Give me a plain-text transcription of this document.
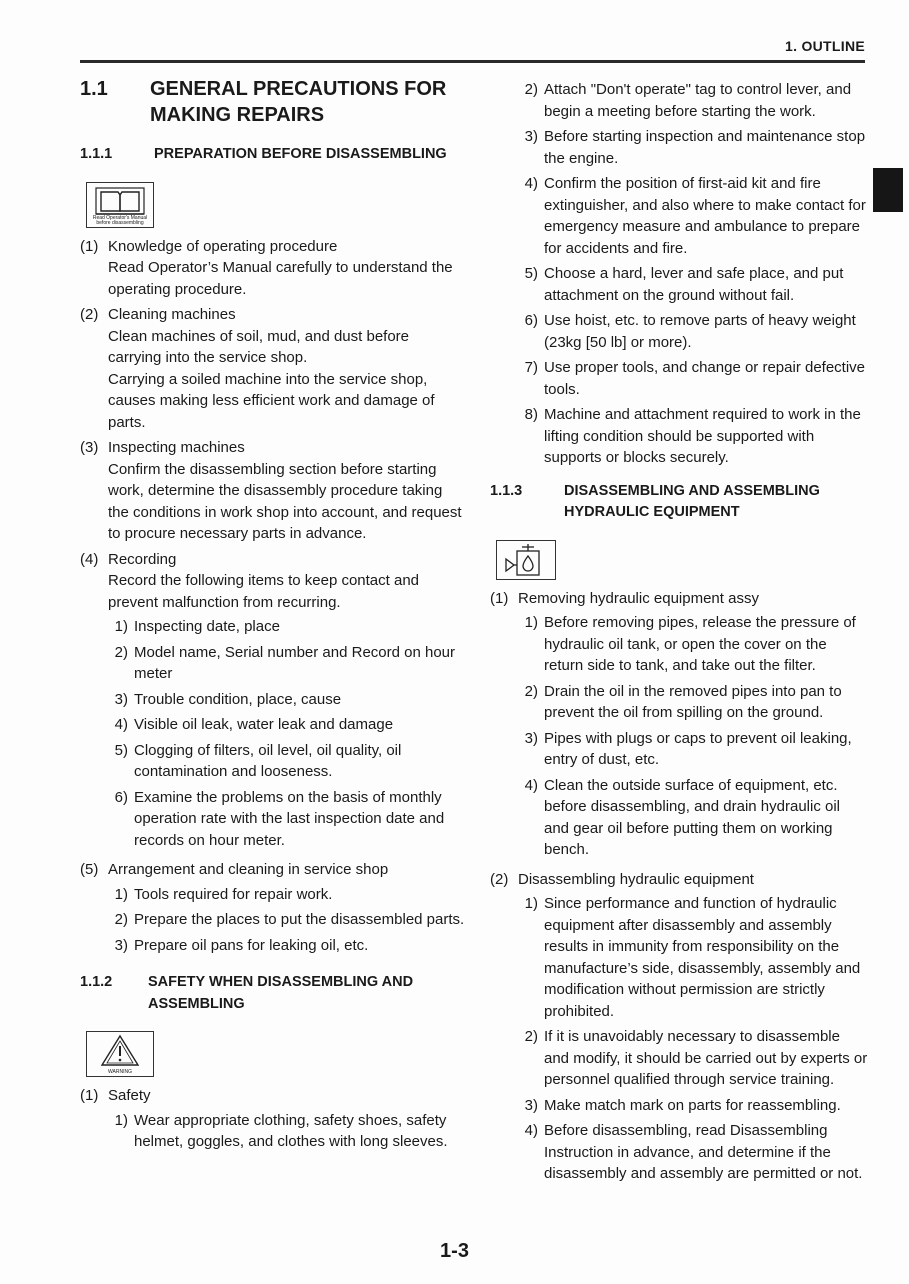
1. OUTLINE
1.1	GENERAL PRECAUTIONS FOR MAKING REPAIRS
1.1.1	PREPARATION BEFORE DISASSEMBLING
Read Operator's Manual before disassembling
(1) Knowledge of operating procedure

Read Operator’s Manual carefully to understand the operating procedure.

(2) Cleaning machines

Clean machines of soil, mud, and dust before carrying into the service shop.

Carrying a soiled machine into the service shop, causes making less efficient work and damage of parts.

(3) Inspecting machines

Confirm the disassembling section before starting work, determine the disassembly procedure taking the conditions in work shop into account, and request to procure necessary parts in advance.

(4) Recording

Record the following items to keep contact and prevent malfunction from recurring.

1) Inspecting date, place
2) Model name, Serial number and Record on hour meter
3) Trouble condition, place, cause
4) Visible oil leak, water leak and damage
5) Clogging of filters, oil level, oil quality, oil contamination and looseness.
6) Examine the problems on the basis of monthly operation rate with the last inspection date and records on hour meter.
(5) Arrangement and cleaning in service shop

1) Tools required for repair work.
2) Prepare the places to put the disassembled parts.
3) Prepare oil pans for leaking oil, etc.
1.1.2	SAFETY WHEN DISASSEMBLING AND ASSEMBLING
WARNING
(1) Safety

1) Wear appropriate clothing, safety shoes, safety helmet, goggles, and clothes with long sleeves.
2) Attach "Don't operate" tag to control lever, and begin a meeting before starting the work.
3) Before starting inspection and maintenance stop the engine.
4) Confirm the position of first-aid kit and fire extinguisher, and also where to make contact for emergency measure and ambulance to prepare for accidents and fire.
5) Choose a hard, lever and safe place, and put attachment on the ground without fail.
6) Use hoist, etc. to remove parts of heavy weight (23kg [50 lb] or more).
7) Use proper tools, and change or repair defective tools.
8) Machine and attachment required to work in the lifting condition should be supported with supports or blocks securely.
1.1.3	DISASSEMBLING AND ASSEMBLING HYDRAULIC EQUIPMENT
(1) Removing hydraulic equipment assy

1) Before removing pipes, release the pressure of hydraulic oil tank, or open the cover on the return side to tank, and take out the filter.
2) Drain the oil in the removed pipes into pan to prevent the oil from spilling on the ground.
3) Pipes with plugs or caps to prevent oil leaking, entry of dust, etc.
4) Clean the outside surface of equipment, etc. before disassembling, and drain hydraulic oil and gear oil before putting them on working bench.
(2) Disassembling hydraulic equipment

1) Since performance and function of hydraulic equipment after disassembly and assembly results in immunity from responsibility on the manufacture’s side, disassembly, assembly and modification without permission are strictly prohibited.
2) If it is unavoidably necessary to disassemble and modify, it should be carried out by experts or personnel qualified through service training.
3) Make match mark on parts for reassembling.
4) Before disassembling, read Disassembling Instruction in advance, and determine if the disassembly and assembly are permitted or not.
1-3
